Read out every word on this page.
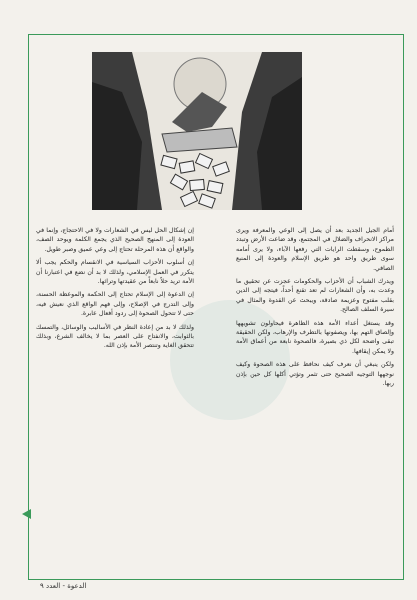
أمام الجيل الجديد بعد أن يصل إلى الوعي والمعرفة ويرى مراكز الانحراف والضلال في المجتمع، وقد ضاعت الأرض وتبدد الطموح، وسقطت الرايات التي رفعها الآباء، ولا يرى أمامه سوى طريق واحد هو طريق الإسلام والعودة إلى المنبع الصافي.

ويدرك الشباب أن الأحزاب والحكومات عجزت عن تحقيق ما وعدت به، وأن الشعارات لم تعد تقنع أحداً، فيتجه إلى الدين بقلب مفتوح وعزيمة صادقة، ويبحث عن القدوة والمثال في سيرة السلف الصالح.

وقد يستغل أعداء الأمة هذه الظاهرة فيحاولون تشويهها وإلصاق التهم بها، ويصفونها بالتطرف والإرهاب، ولكن الحقيقة تبقى واضحة لكل ذي بصيرة، فالصحوة نابعة من أعماق الأمة ولا يمكن إيقافها.

ولكن ينبغي أن نعرف كيف نحافظ على هذه الصحوة وكيف نوجهها التوجيه الصحيح حتى تثمر وتؤتي أكلها كل حين بإذن ربها.

إن إشكال الحل ليس في الشعارات ولا في الاحتجاج، وإنما في العودة إلى المنهج الصحيح الذي يجمع الكلمة ويوحد الصف، والواقع أن هذه المرحلة تحتاج إلى وعي عميق وصبر طويل.

إن أسلوب الأحزاب السياسية في الانقسام والحكم يجب ألا يتكرر في العمل الإسلامي، ولذلك لا بد أن نضع في اعتبارنا أن الأمة تريد حلاً نابعاً من عقيدتها وتراثها.

إن الدعوة إلى الإسلام تحتاج إلى الحكمة والموعظة الحسنة، وإلى التدرج في الإصلاح، وإلى فهم الواقع الذي نعيش فيه، حتى لا تتحول الصحوة إلى ردود أفعال عابرة.

ولذلك لا بد من إعادة النظر في الأساليب والوسائل، والتمسك بالثوابت، والانفتاح على العصر بما لا يخالف الشرع، وبذلك تتحقق الغاية وتنتصر الأمة بإذن الله.

الدعوة - العدد ٩
